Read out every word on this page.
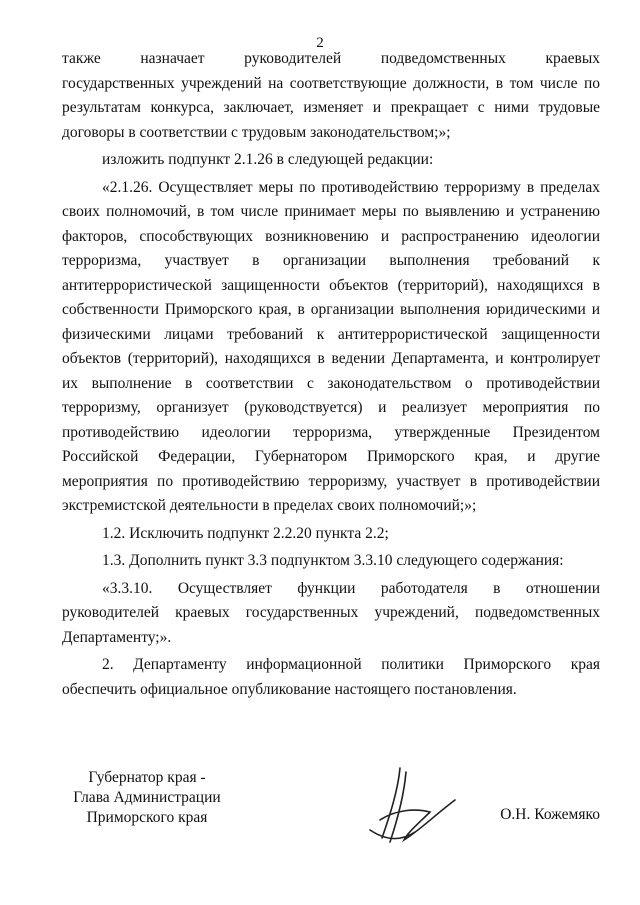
2
также назначает руководителей подведомственных краевых
государственных учреждений на соответствующие должности, в том числе по
результатам конкурса, заключает, изменяет и прекращает с ними трудовые
договоры в соответствии с трудовым законодательством;»;
изложить подпункт 2.1.26 в следующей редакции:
«2.1.26. Осуществляет меры по противодействию терроризму в пределах
своих полномочий, в том числе принимает меры по выявлению и устранению
факторов, способствующих возникновению и распространению идеологии
терроризма, участвует в организации выполнения требований к
антитеррористической защищенности объектов (территорий), находящихся в
собственности Приморского края, в организации выполнения юридическими и
физическими лицами требований к антитеррористической защищенности
объектов (территорий), находящихся в ведении Департамента, и контролирует
их выполнение в соответствии с законодательством о противодействии
терроризму, организует (руководствуется) и реализует мероприятия по
противодействию идеологии терроризма, утвержденные Президентом
Российской Федерации, Губернатором Приморского края, и другие
мероприятия по противодействию терроризму, участвует в противодействии
экстремистской деятельности в пределах своих полномочий;»;
1.2. Исключить подпункт 2.2.20 пункта 2.2;
1.3. Дополнить пункт 3.3 подпунктом 3.3.10 следующего содержания:
«3.3.10. Осуществляет функции работодателя в отношении
руководителей краевых государственных учреждений, подведомственных
Департаменту;».
2. Департаменту информационной политики Приморского края
обеспечить официальное опубликование настоящего постановления.
Губернатор края -
Глава Администрации
Приморского края	О.Н. Кожемяко
